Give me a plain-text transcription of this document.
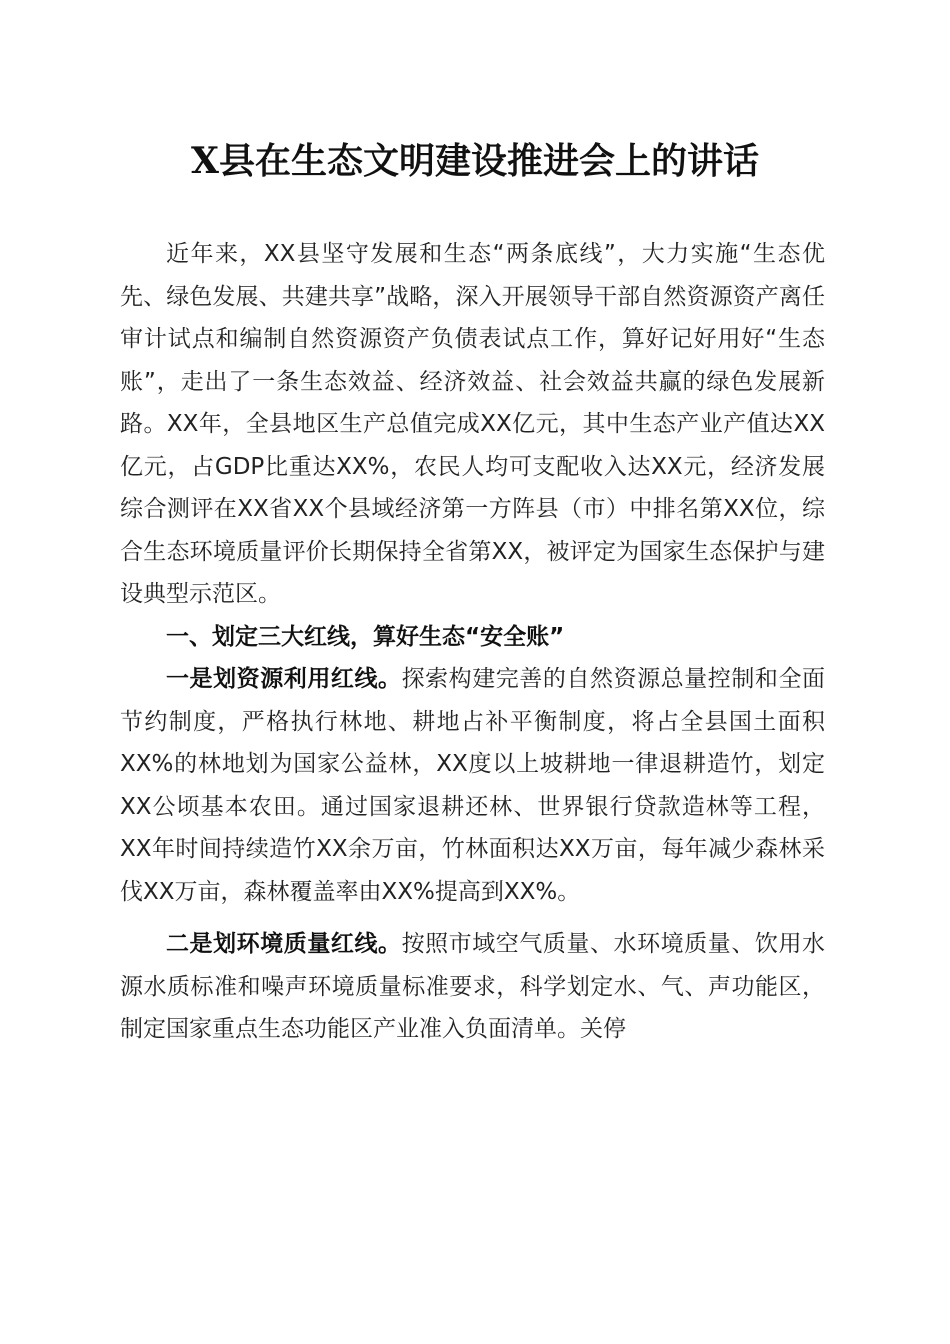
X县在生态文明建设推进会上的讲话

近年来，XX县坚守发展和生态“两条底线”，大力实施“生态优先、绿色发展、共建共享”战略，深入开展领导干部自然资源资产离任审计试点和编制自然资源资产负债表试点工作，算好记好用好“生态账”，走出了一条生态效益、经济效益、社会效益共赢的绿色发展新路。XX年，全县地区生产总值完成XX亿元，其中生态产业产值达XX亿元，占GDP比重达XX%，农民人均可支配收入达XX元，经济发展综合测评在XX省XX个县域经济第一方阵县（市）中排名第XX位，综合生态环境质量评价长期保持全省第XX，被评定为国家生态保护与建设典型示范区。

一、划定三大红线，算好生态“安全账”

一是划资源利用红线。探索构建完善的自然资源总量控制和全面节约制度，严格执行林地、耕地占补平衡制度，将占全县国土面积XX%的林地划为国家公益林，XX度以上坡耕地一律退耕造竹，划定XX公顷基本农田。通过国家退耕还林、世界银行贷款造林等工程，XX年时间持续造竹XX余万亩，竹林面积达XX万亩，每年减少森林采伐XX万亩，森林覆盖率由XX%提高到XX%。

二是划环境质量红线。按照市域空气质量、水环境质量、饮用水源水质标准和噪声环境质量标准要求，科学划定水、气、声功能区，制定国家重点生态功能区产业准入负面清单。关停
